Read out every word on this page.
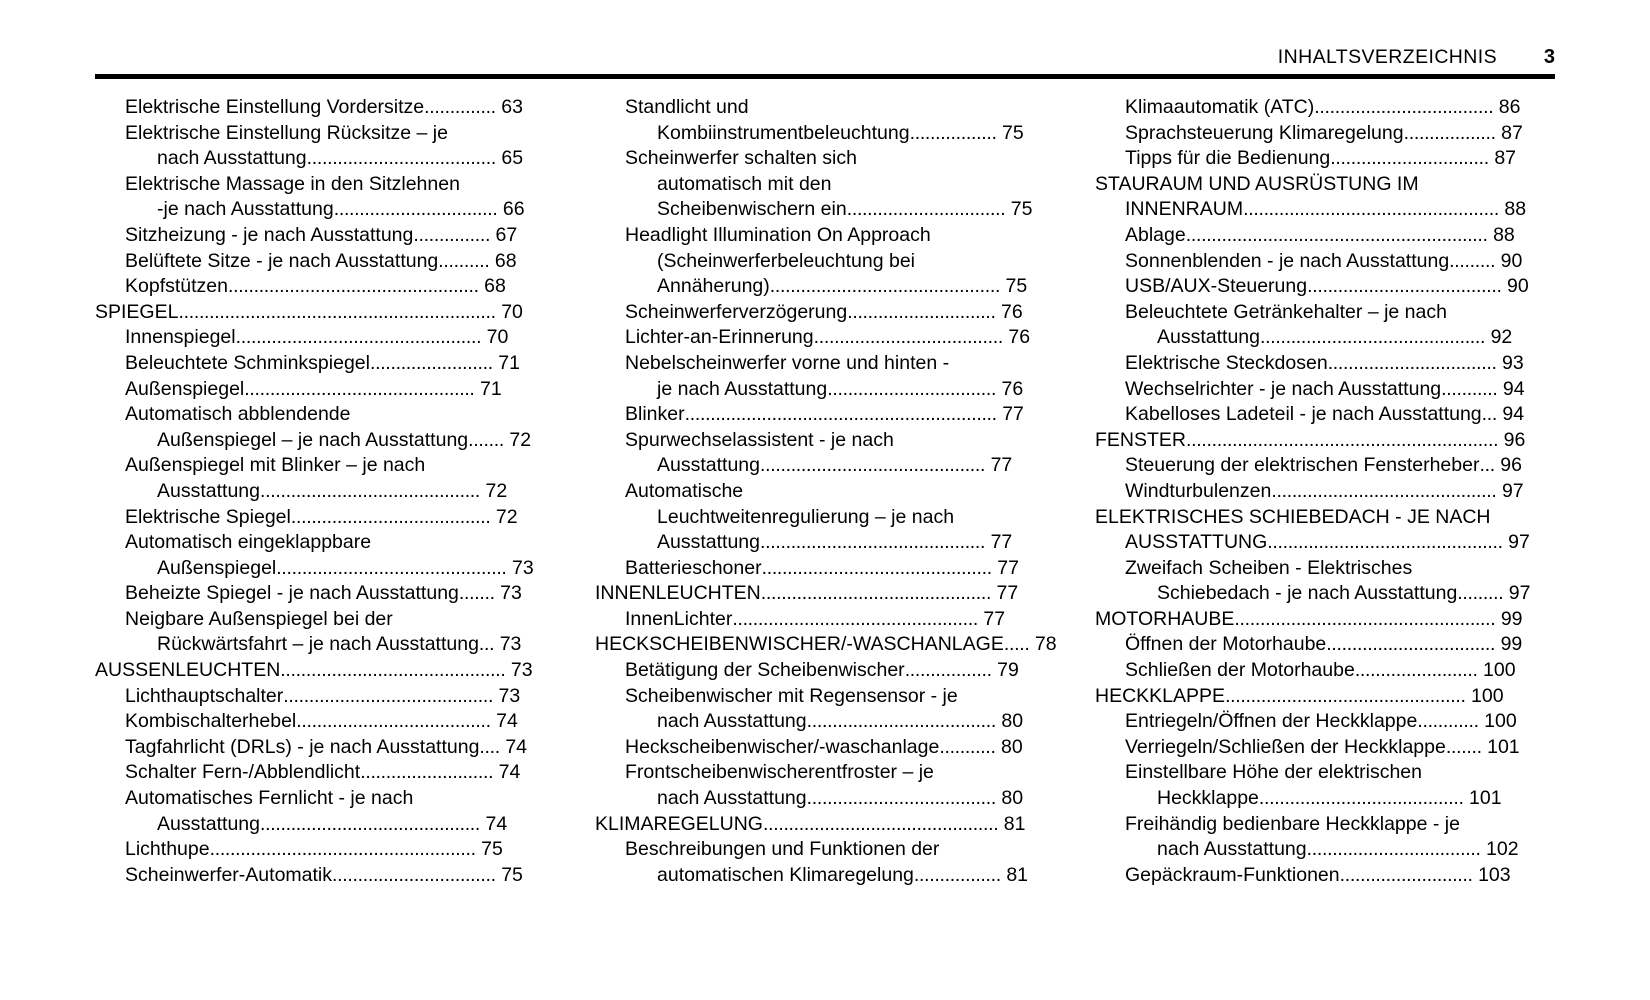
INHALTSVERZEICHNIS 3
Elektrische Einstellung Vordersitze.............. 63
Elektrische Einstellung Rücksitze – je
nach Ausstattung..................................... 65
Elektrische Massage in den Sitzlehnen
-je nach Ausstattung................................ 66
Sitzheizung - je nach Ausstattung............... 67
Belüftete Sitze - je nach Ausstattung.......... 68
Kopfstützen................................................. 68
SPIEGEL.............................................................. 70
Innenspiegel................................................ 70
Beleuchtete Schminkspiegel........................ 71
Außenspiegel............................................. 71
Automatisch abblendende
Außenspiegel – je nach Ausstattung....... 72
Außenspiegel mit Blinker – je nach
Ausstattung........................................... 72
Elektrische Spiegel....................................... 72
Automatisch eingeklappbare
Außenspiegel............................................. 73
Beheizte Spiegel - je nach Ausstattung....... 73
Neigbare Außenspiegel bei der
Rückwärtsfahrt – je nach Ausstattung... 73
AUSSENLEUCHTEN............................................ 73
Lichthauptschalter......................................... 73
Kombischalterhebel...................................... 74
Tagfahrlicht (DRLs) - je nach Ausstattung.... 74
Schalter Fern-/Abblendlicht.......................... 74
Automatisches Fernlicht - je nach
Ausstattung........................................... 74
Lichthupe.................................................... 75
Scheinwerfer-Automatik................................ 75
Standlicht und
Kombiinstrumentbeleuchtung................. 75
Scheinwerfer schalten sich
automatisch mit den
Scheibenwischern ein............................... 75
Headlight Illumination On Approach
(Scheinwerferbeleuchtung bei
Annäherung)............................................. 75
Scheinwerferverzögerung............................. 76
Lichter-an-Erinnerung..................................... 76
Nebelscheinwerfer vorne und hinten -
je nach Ausstattung................................. 76
Blinker............................................................. 77
Spurwechselassistent - je nach
Ausstattung............................................ 77
Automatische
Leuchtweitenregulierung – je nach
Ausstattung............................................ 77
Batterieschoner............................................. 77
INNENLEUCHTEN............................................. 77
InnenLichter................................................ 77
HECKSCHEIBENWISCHER/-WASCHANLAGE..... 78
Betätigung der Scheibenwischer................. 79
Scheibenwischer mit Regensensor - je
nach Ausstattung..................................... 80
Heckscheibenwischer/-waschanlage........... 80
Frontscheibenwischerentfroster – je
nach Ausstattung..................................... 80
KLIMAREGELUNG.............................................. 81
Beschreibungen und Funktionen der
automatischen Klimaregelung................. 81
Klimaautomatik (ATC)................................... 86
Sprachsteuerung Klimaregelung.................. 87
Tipps für die Bedienung............................... 87
STAURAUM UND AUSRÜSTUNG IM
INNENRAUM.................................................. 88
Ablage........................................................... 88
Sonnenblenden - je nach Ausstattung......... 90
USB/AUX-Steuerung...................................... 90
Beleuchtete Getränkehalter – je nach
Ausstattung............................................ 92
Elektrische Steckdosen................................. 93
Wechselrichter - je nach Ausstattung........... 94
Kabelloses Ladeteil - je nach Ausstattung... 94
FENSTER............................................................. 96
Steuerung der elektrischen Fensterheber... 96
Windturbulenzen............................................ 97
ELEKTRISCHES SCHIEBEDACH - JE NACH
AUSSTATTUNG.............................................. 97
Zweifach Scheiben - Elektrisches
Schiebedach - je nach Ausstattung......... 97
MOTORHAUBE................................................... 99
Öffnen der Motorhaube................................. 99
Schließen der Motorhaube........................ 100
HECKKLAPPE............................................... 100
Entriegeln/Öffnen der Heckklappe............ 100
Verriegeln/Schließen der Heckklappe....... 101
Einstellbare Höhe der elektrischen
Heckklappe........................................ 101
Freihändig bedienbare Heckklappe - je
nach Ausstattung.................................. 102
Gepäckraum-Funktionen.......................... 103
